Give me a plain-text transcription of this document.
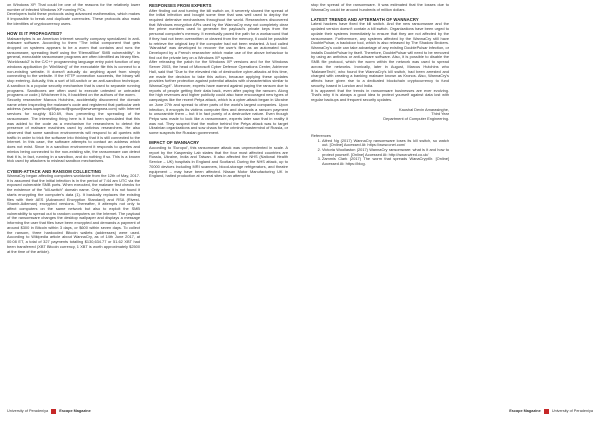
on Windows XP. That could be one of the reasons for the relatively lower number of infected Windows XP running PCs.

Developers build these protocols using advanced mathematics, which makes it impossible to break and duplicate currencies. These protocols also mask the identities of cryptocurrency users.

HOW IS IT PROPAGATED?

Malwarebytes is an American Internet security company specialized in anti-malware software. According to them "The initial component that gets dropped on systems appears to be a worm that contains and runs the ransomware, spreading itself using the 'EternalBlue' SMB vulnerability". In general, executable ransomware programs are often identified as binary files. 'Worldcrack2' is the C/C++ programming language entry point function of any windows application (in 'WinMain()' of the executable file this is connect to a non-existing website. It doesn't actually do anything apart from simply connecting to the website. If the HTTP connection succeeds, the binary will stop entering. Actually, this a sort of kill-switch or an anti-sandbox technique. A sandbox is a popular security mechanism that is used to separate running programs. Sandboxes are often used to execute untested or untrusted programs or code.) Whichever it is, it backfired on the authors of the worm.

Security researcher Marcus Hutchins, accidentally discovered the domain name when inspecting the malware's code and registered that particular web address (www.iuqerfsodp9ifjaposdfjhgosurijfaewrwergwea.com) with Internet services for roughly $10.69, thus preventing the spreading of the ransomware. The interesting thing here is it had been speculated that this was added to the code as a mechanism for researchers to detect the presence of malware machines used by antivirus researchers. He also observed that some sandbox environments will respond to all queries with traffic in order to trick the software into thinking that it is still connected to the Internet. In this case, the software attempts to contact an address which does not exist. Since in a sandbox environment it responds to queries and mimics being connected to the non-existing site, the ransomware can detect that it is, in fact, running in a sandbox, and do nothing if so. This is a known trick used by attackers to mislead sandbox mechanisms.

CYBER-ATTACK AND RANSOM COLLECTING

WannaCry began affecting computers worldwide from the 12th of May, 2017. It is assumed that the initial infection is in the period of 7:44 am UTC via the exposed vulnerable SMB ports. When executed, the malware first checks for the existence of the "kill-switch" domain name. Only when it is not found it starts encrypting the computer's data (1). It basically replaces the existing files with their AES (Advanced Encryption Standard) and RSA (Rivest-Shamir-Adleman) encrypted versions. Thereafter, it attempts not only to affect computers on the same network but also to exploit the SMB vulnerability to spread out to random computers on the Internet. The payload of the ransomware changes the desktop wallpaper and displays a message informing the user that files have been encrypted and demands a payment of around $300 in Bitcoin within 3 days, or $600 within seven days. To collect the ransom, three hardcoded Bitcoin wallets (addresses) were used. According to Wikipedia article about WannaCry, as of 14th June 2017, at 00:08 ET, a total of 327 payments totalling $130,634.77 or 51.62 XBT had been transferred (XBT Bitcoin currency, 1 XBT is worth approximately $2500 at the time of the article).

RESPONSES FROM EXPERTS

After finding out and turning the kill switch on, it severely slowed the spread of the initial infection and bought some time that was well used to deploy the required defensive mechanisms throughout the world. Researchers discovered that Windows encryption APIs used by the WannaCry may not completely clear the prime numbers used to generate the payload's private keys from the personal computer's memory. It eventually paved the path for a workaround that if they had not been overwritten or cleared from the memory, it could be possible to retrieve the original key if the computer had not been restarted. A tool called 'Wanakiwi' was developed to recover the user's files as an automated tool. Developed by a French researcher which make use of the above behaviour to find out the private key on a Windows XP system.

After releasing the patch for the Windows XP versions and for the Windows Server 2003, the head of Microsoft Cyber Defence Operations Center, Adrienne Hall, said that "Due to the elevated risk of destructive cyber-attacks at this time, we made the decision to take this action, because applying these updates provides further protection against potential attacks with characteristics similar to WannaCrypt". Moreover, experts have warned against paying the ransom due to reports of people getting their data back, even after paying the ransom. Along the high revenues and higher publicity could also have encouraged new types of campaigns like the recent Petya attack, which is a cyber-attack began in Ukraine on June 27th and spread to other parts of the world's largest companies. Upon infection, it encrypts its victims computer files and demands a ransom payment to unscramble them – but it in fact purely of a destructive nature. Even though Petya was made to look like a ransomware, experts later saw that in reality it was not. They suspect that the motive behind the Petya attack was to target Ukrainian organizations and sow chaos for the criminal mastermind of Russia, or some suspects the Russian government.

IMPACT OF WANNACRY

According to 'Europol', this ransomware attack was unprecedented in scale. A report by the Kaspersky Lab states that the four most affected countries are Russia, Ukraine, India and Taiwan. It also affected the NHS (National Health Service – UK) hospitals in England and Scotland. During the NHS attack, up to 70000 devices including MRI scanners, blood-storage refrigerators, and theatre equipment – may have been affected. Nissan Motor Manufacturing UK in England, halted production at several sites in an attempt to

stop the spread of the ransomware. It was estimated that the losses due to WannaCry could be around hundreds of million dollars.

LATEST TRENDS AND AFTERMATH OF WANNACRY

Latest hackers have fixed the kill switch. And the new ransomware and the updated version doesn't contain a kill switch. Organizations have been urged to update their systems immediately to ensure that they are not affected by the ransomware. Furthermore, any systems affected by the WannaCry still have DoublePulsar, a backdoor tool, which is also released by The Shadow Brokers. WannaCry's code can take advantage of any existing DoublePulsar infection, or installs DoublePulsar by itself. Therefore, DoublePulsar will need to be removed by using an antivirus or anti-adware software. Also, it is possible to disable the SMB file protocol, which the worm within the network was used to spread across the networks. Ironically, later in August, Marcus Hutchins who 'MalwareTech', who found the WannaCry's kill switch, had been arrested and charged with creating a banking malware known as Kronos. Also, WannaCry's affects have given rise to a dedicated blockchain cryptocurrency to fund security, based in London and India.

It is apparent that the trends in ransomware businesses are ever evolving. That's why it is always a good idea to protect yourself against data lost with regular backups and frequent security updates.

Kaushal Devin Amarasinghe,

Third Year

Department of Computer Engineering.

References

1. Alfred Ng (2017) WannaCry ransomware loses its kill switch, so watch out. [Online] Accessed At: https://www.cnet.com/
2. Victoria Woollaston (2017) WannaCry ransomware: what is it and how to protect yourself. [Online] Accessed At: http://www.wired.co.uk/
3. Zammis Clark (2017) The worm that spreads WanaCrypt0r. [Online] Accessed At: https://blog.
University of Peradeniya	Escape Magazine	Escape Magazine	University of Peradeniya
